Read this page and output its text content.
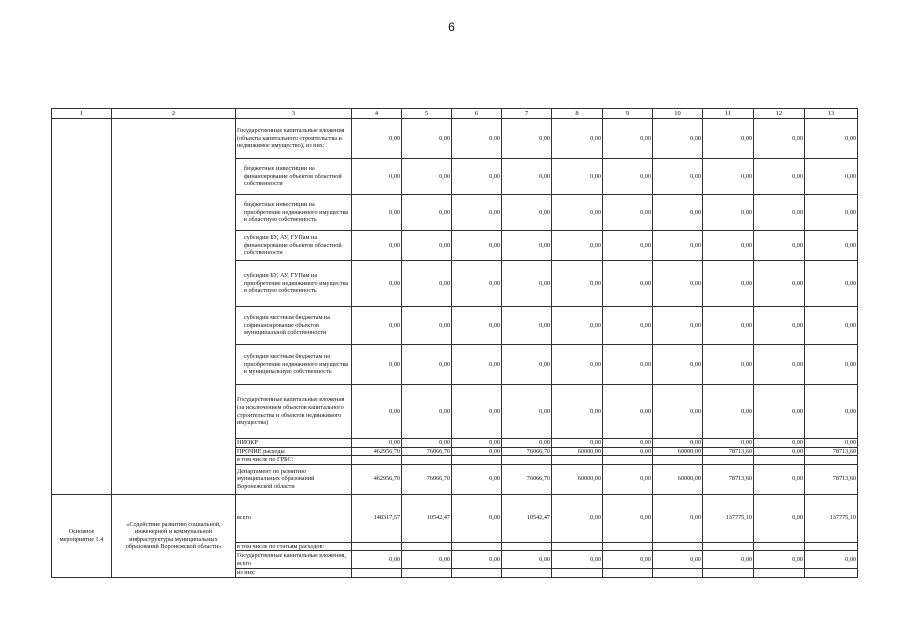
6
1	2	3	4	5	6	7	8	9	10	11	12	13
		Государственные капитальные вложения (объекты капитального строительства и недвижимое имущество), из них:	0,00	0,00	0,00	0,00	0,00	0,00	0,00	0,00	0,00	0,00
		бюджетные инвестиции на финансирование объектов областной собственности	0,00	0,00	0,00	0,00	0,00	0,00	0,00	0,00	0,00	0,00
		бюджетные инвестиции на приобретение недвижимого имущества в областную собственность	0,00	0,00	0,00	0,00	0,00	0,00	0,00	0,00	0,00	0,00
		субсидии БУ, АУ, ГУПам на финансирование объектов областной собственности	0,00	0,00	0,00	0,00	0,00	0,00	0,00	0,00	0,00	0,00
		субсидии БУ, АУ, ГУПам на приобретение недвижимого имущества в областную собственность	0,00	0,00	0,00	0,00	0,00	0,00	0,00	0,00	0,00	0,00
		субсидии местным бюджетам на софинансирование объектов муниципальной собственности	0,00	0,00	0,00	0,00	0,00	0,00	0,00	0,00	0,00	0,00
		субсидии местным бюджетам на приобретение недвижимого имущества в муниципальную собственность	0,00	0,00	0,00	0,00	0,00	0,00	0,00	0,00	0,00	0,00
		Государственные капитальные вложения (за исключением объектов капитального строительства и объектов недвижимого имущества)	0,00	0,00	0,00	0,00	0,00	0,00	0,00	0,00	0,00	0,00
		НИОКР	0,00	0,00	0,00	0,00	0,00	0,00	0,00	0,00	0,00	0,00
		ПРОЧИЕ расходы	462956,70	76066,70	0,00	76066,70	60000,00	0,00	60000,00	78713,60	0,00	78713,60
		в том числе по ГРБС:										
		Департамент по развитию муниципальных образований Воронежской области	462956,70	76066,70	0,00	76066,70	60000,00	0,00	60000,00	78713,60	0,00	78713,60

Основное мероприятие 1.4	«Содействие развитию социальной, инженерной и коммунальной инфраструктуры муниципальных образований Воронежской области»	всего	148317,57	10542,47	0,00	10542,47	0,00	0,00	0,00	137775,10	0,00	137775,10
		в том числе по статьям расходов:										
		Государственные капитальные вложения, всего	0,00	0,00	0,00	0,00	0,00	0,00	0,00	0,00	0,00	0,00
		из них:										
